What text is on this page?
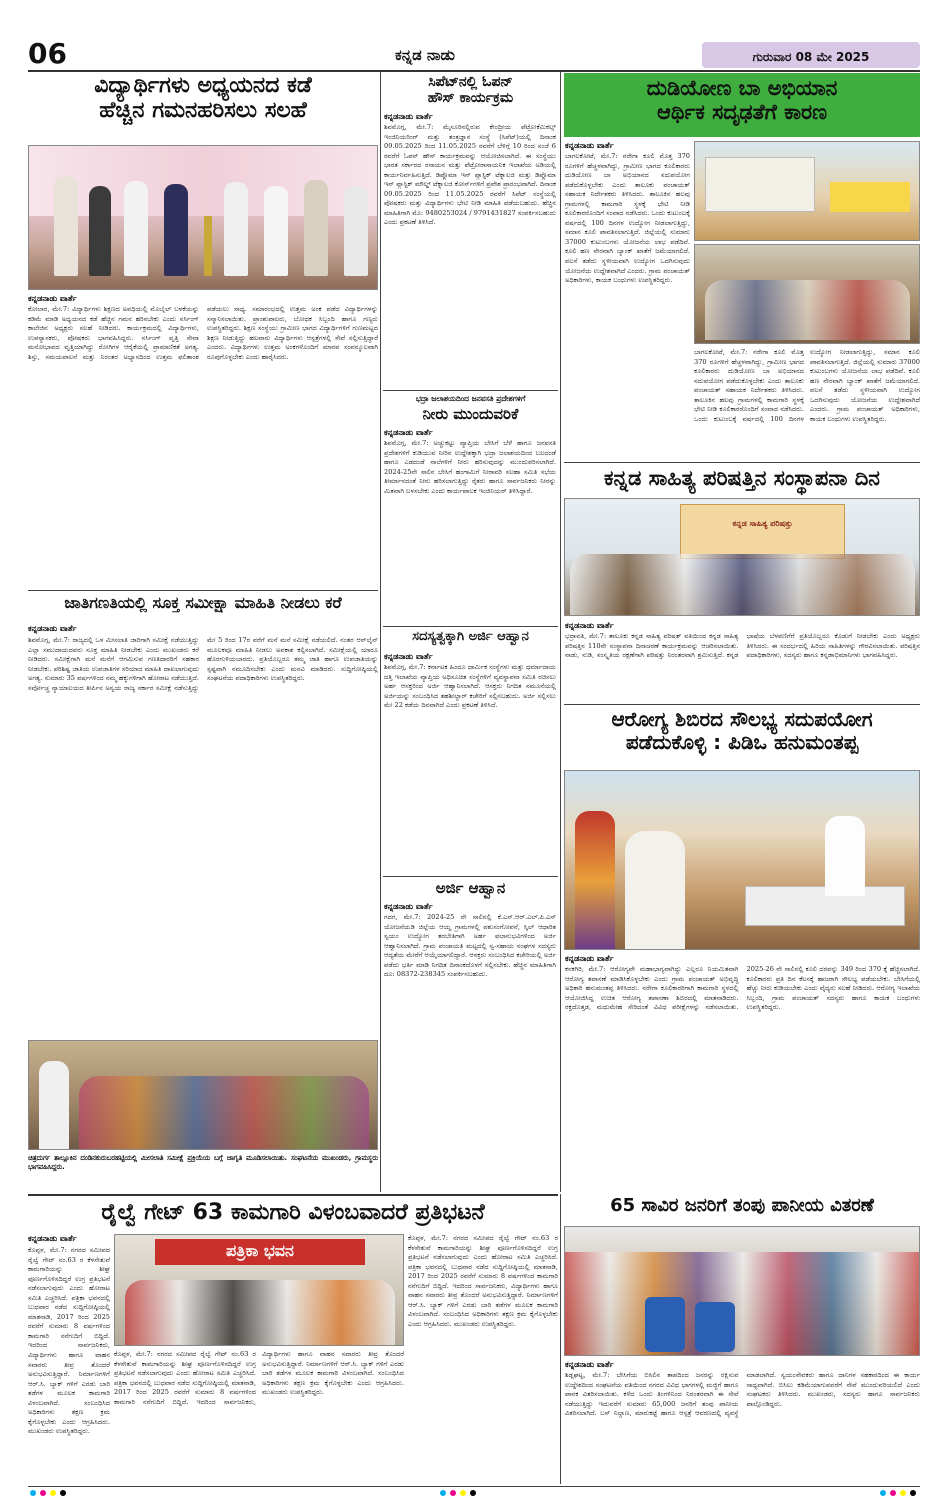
06	ಕನ್ನಡ ನಾಡು	ಗುರುವಾರ 08 ಮೇ 2025
ವಿದ್ಯಾರ್ಥಿಗಳು ಅಧ್ಯಯನದ ಕಡೆ
ಹೆಚ್ಚಿನ ಗಮನಹರಿಸಲು ಸಲಹೆ
ಕನ್ನಡನಾಡು ವಾರ್ತೆ
ಕೋಲಾರ, ಮೇ.7: ವಿದ್ಯಾರ್ಥಿಗಳು ಶಿಕ್ಷಣದ ಅವಧಿಯಲ್ಲಿ ಮೊಬೈಲ್ ಬಳಕೆಯನ್ನು ಕಡಿಮೆ ಮಾಡಿ ಅಧ್ಯಯನದ ಕಡೆ ಹೆಚ್ಚಿನ ಗಮನ ಹರಿಸಬೇಕು ಎಂದು ನರ್ಸಿಂಗ್ ಕಾಲೇಜಿನ ಅಧ್ಯಕ್ಷರು ಸಲಹೆ ನೀಡಿದರು. ಕಾರ್ಯಕ್ರಮದಲ್ಲಿ ವಿದ್ಯಾರ್ಥಿಗಳು, ಉಪನ್ಯಾಸಕರು, ಪೋಷಕರು ಭಾಗವಹಿಸಿದ್ದರು. ನರ್ಸಿಂಗ್ ವೃತ್ತಿ ಸೇವಾ ಮನೋಭಾವದ ವೃತ್ತಿಯಾಗಿದ್ದು ರೋಗಿಗಳ ಆರೈಕೆಯಲ್ಲಿ ಪ್ರಾಮಾಣಿಕತೆ ಅಗತ್ಯ. ಶಿಸ್ತು, ಸಮಯಪಾಲನೆ ಮತ್ತು ನಿರಂತರ ಅಭ್ಯಾಸದಿಂದ ಉತ್ತಮ ಫಲಿತಾಂಶ ಪಡೆಯಲು ಸಾಧ್ಯ. ಸಮಾರಂಭದಲ್ಲಿ ಉತ್ತಮ ಅಂಕ ಪಡೆದ ವಿದ್ಯಾರ್ಥಿಗಳನ್ನು ಸನ್ಮಾನಿಸಲಾಯಿತು. ಪ್ರಾಂಶುಪಾಲರು, ಬೋಧಕ ಸಿಬ್ಬಂದಿ ಹಾಗೂ ಗಣ್ಯರು ಉಪಸ್ಥಿತರಿದ್ದರು. ಶಿಕ್ಷಣ ಸಂಸ್ಥೆಯು ಗ್ರಾಮೀಣ ಭಾಗದ ವಿದ್ಯಾರ್ಥಿಗಳಿಗೆ ಗುಣಮಟ್ಟದ ಶಿಕ್ಷಣ ನೀಡುತ್ತಿದ್ದು ಹಲವಾರು ವಿದ್ಯಾರ್ಥಿಗಳು ಆಸ್ಪತ್ರೆಗಳಲ್ಲಿ ಸೇವೆ ಸಲ್ಲಿಸುತ್ತಿದ್ದಾರೆ ಎಂದರು. ವಿದ್ಯಾರ್ಥಿಗಳು ಉತ್ತಮ ಅಂಕಗಳೊಂದಿಗೆ ಮಾನವ ಸಂಪನ್ಮೂಲವಾಗಿ ರೂಪುಗೊಳ್ಳಬೇಕು ಎಂದು ಹಾರೈಸಿದರು.
ಜಾತಿಗಣತಿಯಲ್ಲಿ ಸೂಕ್ತ ಸಮೀಕ್ಷಾ ಮಾಹಿತಿ ನೀಡಲು ಕರೆ
ಕನ್ನಡನಾಡು ವಾರ್ತೆ
ಶಿವಮೊಗ್ಗ, ಮೇ.7: ರಾಜ್ಯದಲ್ಲಿ ಒಳ ಮೀಸಲಾತಿ ಜಾರಿಗಾಗಿ ಸಮೀಕ್ಷೆ ನಡೆಯುತ್ತಿದ್ದು ಎಲ್ಲಾ ಸಮುದಾಯದವರು ಸೂಕ್ತ ಮಾಹಿತಿ ನೀಡಬೇಕು ಎಂದು ಮುಖಂಡರು ಕರೆ ನೀಡಿದರು. ಸಮೀಕ್ಷೆಗಾಗಿ ಮನೆ ಮನೆಗೆ ಆಗಮಿಸುವ ಗಣತಿದಾರರಿಗೆ ಸಹಕಾರ ನೀಡಬೇಕು. ಪರಿಶಿಷ್ಟ ಜಾತಿಯ ಉಪಜಾತಿಗಳ ಸರಿಯಾದ ಮಾಹಿತಿ ದಾಖಲಾಗುವುದು ಅಗತ್ಯ. ಸುಮಾರು 35 ವರ್ಷಗಳಿಂದ ನಮ್ಮ ಹಕ್ಕುಗಳಿಗಾಗಿ ಹೋರಾಟ ನಡೆಯುತ್ತಿದೆ. ಸರ್ವೋಚ್ಚ ನ್ಯಾಯಾಲಯದ ತೀರ್ಪಿನ ಅನ್ವಯ ರಾಜ್ಯ ಸರ್ಕಾರ ಸಮೀಕ್ಷೆ ನಡೆಸುತ್ತಿದ್ದು ಮೇ 5 ರಿಂದ 17ರ ವರೆಗೆ ಮನೆ ಮನೆ ಸಮೀಕ್ಷೆ ನಡೆಯಲಿದೆ. ನಂತರ ಆನ್‌ಲೈನ್ ಮೂಲಕವೂ ಮಾಹಿತಿ ನೀಡಲು ಅವಕಾಶ ಕಲ್ಪಿಸಲಾಗಿದೆ. ಸಮೀಕ್ಷೆಯಲ್ಲಿ ಯಾರೂ ಹೊರಗುಳಿಯಬಾರದು. ಪ್ರತಿಯೊಬ್ಬರೂ ತಮ್ಮ ಜಾತಿ ಹಾಗೂ ಉಪಜಾತಿಯನ್ನು ಸ್ಪಷ್ಟವಾಗಿ ನಮೂದಿಸಬೇಕು ಎಂದು ಮನವಿ ಮಾಡಿದರು. ಸುದ್ದಿಗೋಷ್ಠಿಯಲ್ಲಿ ಸಂಘಟನೆಯ ಪದಾಧಿಕಾರಿಗಳು ಉಪಸ್ಥಿತರಿದ್ದರು.
ಚಿತ್ರದುರ್ಗ ತಾಲ್ಲೂಕಿನ ದಂಡಿನಕುರುಬರಹಟ್ಟಿಯಲ್ಲಿ ಮೀಸಲಾತಿ ಸಮೀಕ್ಷೆ ಪ್ರಕ್ರಿಯೆಯ ಬಗ್ಗೆ ಜಾಗೃತಿ ಮೂಡಿಸಲಾಯಿತು. ಸಂಘಟನೆಯ ಮುಖಂಡರು, ಗ್ರಾಮಸ್ಥರು ಭಾಗವಹಿಸಿದ್ದರು.
ಸಿಪೆಟ್‌ನಲ್ಲಿ ಓಪನ್
ಹೌಸ್ ಕಾರ್ಯಕ್ರಮ
ಕನ್ನಡನಾಡು ವಾರ್ತೆ
ಶಿವಮೊಗ್ಗ, ಮೇ.7: ಮೈಸೂರಿನಲ್ಲಿರುವ ಕೇಂದ್ರೀಯ ಪೆಟ್ರೋಕೆಮಿಕಲ್ಸ್ ಇಂಜಿನಿಯರಿಂಗ್ ಮತ್ತು ತಂತ್ರಜ್ಞಾನ ಸಂಸ್ಥೆ (ಸಿಪೆಟ್)ಯಲ್ಲಿ ದಿನಾಂಕ 09.05.2025 ರಿಂದ 11.05.2025 ರವರೆಗೆ ಬೆಳಿಗ್ಗೆ 10 ರಿಂದ ಸಂಜೆ 6 ರವರೆಗೆ ಓಪನ್ ಹೌಸ್ ಕಾರ್ಯಕ್ರಮವನ್ನು ಆಯೋಜಿಸಲಾಗಿದೆ. ಈ ಸಂಸ್ಥೆಯು ಭಾರತ ಸರ್ಕಾರದ ರಸಾಯನ ಮತ್ತು ಪೆಟ್ರೋರಾಸಾಯನಿಕ ಇಲಾಖೆಯ ಅಡಿಯಲ್ಲಿ ಕಾರ್ಯನಿರ್ವಹಿಸುತ್ತಿದೆ. ಡಿಪ್ಲೊಮಾ ಇನ್ ಪ್ಲಾಸ್ಟಿಕ್ ಟೆಕ್ನಾಲಜಿ ಮತ್ತು ಡಿಪ್ಲೊಮಾ ಇನ್ ಪ್ಲಾಸ್ಟಿಕ್ ಮೌಲ್ಡ್ ಟೆಕ್ನಾಲಜಿ ಕೋರ್ಸ್‌ಗಳಿಗೆ ಪ್ರವೇಶ ಪ್ರಾರಂಭವಾಗಿದೆ. ದಿನಾಂಕ 09.05.2025 ರಿಂದ 11.05.2025 ರವರೆಗೆ ಸಿಪೆಟ್ ಸಂಸ್ಥೆಯಲ್ಲಿ ಪೋಷಕರು ಮತ್ತು ವಿದ್ಯಾರ್ಥಿಗಳು ಭೇಟಿ ನೀಡಿ ಮಾಹಿತಿ ಪಡೆಯಬಹುದು. ಹೆಚ್ಚಿನ ಮಾಹಿತಿಗಾಗಿ ಮೊ: 9480253024 / 9791431827 ಸಂಪರ್ಕಿಸಬಹುದು ಎಂದು ಪ್ರಕಟಣೆ ತಿಳಿಸಿದೆ.
ಭದ್ರಾ ಜಲಾಶಯದಿಂದ ಜನವಸತಿ ಪ್ರದೇಶಗಳಿಗೆ
ನೀರು ಮುಂದುವರಿಕೆ
ಕನ್ನಡನಾಡು ವಾರ್ತೆ
ಶಿವಮೊಗ್ಗ, ಮೇ.7: ಅಚ್ಚುಕಟ್ಟು ವ್ಯಾಪ್ತಿಯ ಬೇಸಿಗೆ ಬೆಳೆ ಹಾಗೂ ಜನವಸತಿ ಪ್ರದೇಶಗಳಿಗೆ ಕುಡಿಯುವ ನೀರಿನ ಉದ್ದೇಶಕ್ಕಾಗಿ ಭದ್ರಾ ಜಲಾಶಯದಿಂದ ಬಲದಂಡೆ ಹಾಗೂ ಎಡದಂಡೆ ನಾಲೆಗಳಿಗೆ ನೀರು ಹರಿಸುವುದನ್ನು ಮುಂದುವರಿಸಲಾಗಿದೆ. 2024-25ನೇ ಸಾಲಿನ ಬೇಸಿಗೆ ಹಂಗಾಮಿಗೆ ನೀರಾವರಿ ಸಲಹಾ ಸಮಿತಿ ಸಭೆಯ ತೀರ್ಮಾನದಂತೆ ನೀರು ಹರಿಸಲಾಗುತ್ತಿದ್ದು ರೈತರು ಹಾಗೂ ಸಾರ್ವಜನಿಕರು ನೀರನ್ನು ಮಿತವಾಗಿ ಬಳಸಬೇಕು ಎಂದು ಕಾರ್ಯಪಾಲಕ ಇಂಜಿನಿಯರ್ ತಿಳಿಸಿದ್ದಾರೆ.
ಸದಸ್ಯತ್ವಕ್ಕಾಗಿ ಅರ್ಜಿ ಆಹ್ವಾನ
ಕನ್ನಡನಾಡು ವಾರ್ತೆ
ಶಿವಮೊಗ್ಗ, ಮೇ.7: ಕರ್ನಾಟಕ ಹಿಂದೂ ಧಾರ್ಮಿಕ ಸಂಸ್ಥೆಗಳು ಮತ್ತು ಧರ್ಮಾದಾಯ ದತ್ತಿ ಇಲಾಖೆಯ ವ್ಯಾಪ್ತಿಯ ಅಧಿಸೂಚಿತ ಸಂಸ್ಥೆಗಳಿಗೆ ವ್ಯವಸ್ಥಾಪನಾ ಸಮಿತಿ ರಚಿಸಲು ಅರ್ಹ ಆಸಕ್ತರಿಂದ ಅರ್ಜಿ ಆಹ್ವಾನಿಸಲಾಗಿದೆ. ಆಸಕ್ತರು ನಿಗದಿತ ನಮೂನೆಯಲ್ಲಿ ಅರ್ಜಿಯನ್ನು ಸಂಬಂಧಿಸಿದ ತಹಶೀಲ್ದಾರ್ ಕಚೇರಿಗೆ ಸಲ್ಲಿಸಬಹುದು. ಅರ್ಜಿ ಸಲ್ಲಿಸಲು ಮೇ 22 ಕಡೆಯ ದಿನವಾಗಿದೆ ಎಂದು ಪ್ರಕಟಣೆ ತಿಳಿಸಿದೆ.
ಅರ್ಜಿ ಆಹ್ವಾನ
ಕನ್ನಡನಾಡು ವಾರ್ತೆ
ಗದಗ, ಮೇ.7: 2024-25 ನೇ ಸಾಲಿನಲ್ಲಿ ಕೆ.ಎಸ್.ಆರ್.ಎಲ್.ಪಿ.ಎಸ್ ಯೋಜನೆಯಡಿ ಜಿಲ್ಲೆಯ ಆಯ್ದ ಗ್ರಾಮಗಳಲ್ಲಿ ಪಶುಸಂಗೋಪನೆ, ಸ್ಕಿಲ್ ಆಧಾರಿತ ಸ್ವಯಂ ಉದ್ಯೋಗ ತರಬೇತಿಗಾಗಿ ಅರ್ಹ ಫಲಾನುಭವಿಗಳಿಂದ ಅರ್ಜಿ ಆಹ್ವಾನಿಸಲಾಗಿದೆ. ಗ್ರಾಮ ಪಂಚಾಯತಿ ಮಟ್ಟದಲ್ಲಿ ಸ್ವ-ಸಹಾಯ ಸಂಘಗಳ ಸದಸ್ಯರು ಆದ್ಯತೆಯ ಮೇರೆಗೆ ಆಯ್ಕೆಯಾಗಲಿದ್ದಾರೆ. ಆಸಕ್ತರು ಸಂಬಂಧಿಸಿದ ಕಚೇರಿಯಲ್ಲಿ ಅರ್ಜಿ ಪಡೆದು ಭರ್ತಿ ಮಾಡಿ ನಿಗದಿತ ದಿನಾಂಕದೊಳಗೆ ಸಲ್ಲಿಸಬೇಕು. ಹೆಚ್ಚಿನ ಮಾಹಿತಿಗಾಗಿ ದೂ: 08372-238345 ಸಂಪರ್ಕಿಸಬಹುದು.
ದುಡಿಯೋಣ ಬಾ ಅಭಿಯಾನ
ಆರ್ಥಿಕ ಸದೃಢತೆಗೆ ಕಾರಣ
ಕನ್ನಡನಾಡು ವಾರ್ತೆ
ಬಾಗಲಕೋಟೆ, ಮೇ.7: ನರೇಗಾ ಕೂಲಿ ಮೊತ್ತ 370 ರೂಗಳಿಗೆ ಹೆಚ್ಚಳವಾಗಿದ್ದು, ಗ್ರಾಮೀಣ ಭಾಗದ ಕೂಲಿಕಾರರು ದುಡಿಯೋಣ ಬಾ ಅಭಿಯಾನದ ಸದುಪಯೋಗ ಪಡೆದುಕೊಳ್ಳಬೇಕು ಎಂದು ತಾಲೂಕು ಪಂಚಾಯತ್ ಸಹಾಯಕ ನಿರ್ದೇಶಕರು ತಿಳಿಸಿದರು. ತಾಲೂಕಿನ ಹಲವು ಗ್ರಾಮಗಳಲ್ಲಿ ಕಾಮಗಾರಿ ಸ್ಥಳಕ್ಕೆ ಭೇಟಿ ನೀಡಿ ಕೂಲಿಕಾರರೊಂದಿಗೆ ಸಂವಾದ ನಡೆಸಿದರು. ಒಂದು ಕುಟುಂಬಕ್ಕೆ ವರ್ಷದಲ್ಲಿ 100 ದಿನಗಳ ಉದ್ಯೋಗ ನೀಡಲಾಗುತ್ತಿದ್ದು, ಸಮಾನ ಕೂಲಿ ಪಾವತಿಸಲಾಗುತ್ತಿದೆ. ಜಿಲ್ಲೆಯಲ್ಲಿ ಸುಮಾರು 37000 ಕುಟುಂಬಗಳು ಯೋಜನೆಯ ಲಾಭ ಪಡೆದಿವೆ. ಕೂಲಿ ಹಣ ನೇರವಾಗಿ ಬ್ಯಾಂಕ್ ಖಾತೆಗೆ ಜಮೆಯಾಗಲಿದೆ. ವಲಸೆ ತಡೆದು ಸ್ಥಳೀಯವಾಗಿ ಉದ್ಯೋಗ ಒದಗಿಸುವುದು ಯೋಜನೆಯ ಉದ್ದೇಶವಾಗಿದೆ ಎಂದರು. ಗ್ರಾಮ ಪಂಚಾಯತ್ ಅಧಿಕಾರಿಗಳು, ಕಾಯಕ ಬಂಧುಗಳು ಉಪಸ್ಥಿತರಿದ್ದರು.
ಬಾಗಲಕೋಟೆ, ಮೇ.7: ನರೇಗಾ ಕೂಲಿ ಮೊತ್ತ 370 ರೂಗಳಿಗೆ ಹೆಚ್ಚಳವಾಗಿದ್ದು, ಗ್ರಾಮೀಣ ಭಾಗದ ಕೂಲಿಕಾರರು ದುಡಿಯೋಣ ಬಾ ಅಭಿಯಾನದ ಸದುಪಯೋಗ ಪಡೆದುಕೊಳ್ಳಬೇಕು ಎಂದು ತಾಲೂಕು ಪಂಚಾಯತ್ ಸಹಾಯಕ ನಿರ್ದೇಶಕರು ತಿಳಿಸಿದರು. ತಾಲೂಕಿನ ಹಲವು ಗ್ರಾಮಗಳಲ್ಲಿ ಕಾಮಗಾರಿ ಸ್ಥಳಕ್ಕೆ ಭೇಟಿ ನೀಡಿ ಕೂಲಿಕಾರರೊಂದಿಗೆ ಸಂವಾದ ನಡೆಸಿದರು. ಒಂದು ಕುಟುಂಬಕ್ಕೆ ವರ್ಷದಲ್ಲಿ 100 ದಿನಗಳ ಉದ್ಯೋಗ ನೀಡಲಾಗುತ್ತಿದ್ದು, ಸಮಾನ ಕೂಲಿ ಪಾವತಿಸಲಾಗುತ್ತಿದೆ. ಜಿಲ್ಲೆಯಲ್ಲಿ ಸುಮಾರು 37000 ಕುಟುಂಬಗಳು ಯೋಜನೆಯ ಲಾಭ ಪಡೆದಿವೆ. ಕೂಲಿ ಹಣ ನೇರವಾಗಿ ಬ್ಯಾಂಕ್ ಖಾತೆಗೆ ಜಮೆಯಾಗಲಿದೆ. ವಲಸೆ ತಡೆದು ಸ್ಥಳೀಯವಾಗಿ ಉದ್ಯೋಗ ಒದಗಿಸುವುದು ಯೋಜನೆಯ ಉದ್ದೇಶವಾಗಿದೆ ಎಂದರು. ಗ್ರಾಮ ಪಂಚಾಯತ್ ಅಧಿಕಾರಿಗಳು, ಕಾಯಕ ಬಂಧುಗಳು ಉಪಸ್ಥಿತರಿದ್ದರು.
ಕನ್ನಡ ಸಾಹಿತ್ಯ ಪರಿಷತ್ತಿನ ಸಂಸ್ಥಾಪನಾ ದಿನ
ಕನ್ನಡ ಸಾಹಿತ್ಯ ಪರಿಷತ್ತು
ಕನ್ನಡನಾಡು ವಾರ್ತೆ
ಭದ್ರಾವತಿ, ಮೇ.7: ತಾಲೂಕು ಕನ್ನಡ ಸಾಹಿತ್ಯ ಪರಿಷತ್ ವತಿಯಿಂದ ಕನ್ನಡ ಸಾಹಿತ್ಯ ಪರಿಷತ್ತಿನ 110ನೇ ಸಂಸ್ಥಾಪನಾ ದಿನಾಚರಣೆ ಕಾರ್ಯಕ್ರಮವನ್ನು ಆಚರಿಸಲಾಯಿತು. ನಾಡು, ನುಡಿ, ಸಂಸ್ಕೃತಿಯ ರಕ್ಷಣೆಗಾಗಿ ಪರಿಷತ್ತು ನಿರಂತರವಾಗಿ ಶ್ರಮಿಸುತ್ತಿದೆ. ಕನ್ನಡ ಭಾಷೆಯ ಬೆಳವಣಿಗೆಗೆ ಪ್ರತಿಯೊಬ್ಬರೂ ಕೊಡುಗೆ ನೀಡಬೇಕು ಎಂದು ಅಧ್ಯಕ್ಷರು ತಿಳಿಸಿದರು. ಈ ಸಂದರ್ಭದಲ್ಲಿ ಹಿರಿಯ ಸಾಹಿತಿಗಳನ್ನು ಗೌರವಿಸಲಾಯಿತು. ಪರಿಷತ್ತಿನ ಪದಾಧಿಕಾರಿಗಳು, ಸದಸ್ಯರು ಹಾಗೂ ಕನ್ನಡಾಭಿಮಾನಿಗಳು ಭಾಗವಹಿಸಿದ್ದರು.
ಆರೋಗ್ಯ ಶಿಬಿರದ ಸೌಲಭ್ಯ ಸದುಪಯೋಗ
ಪಡೆದುಕೊಳ್ಳಿ : ಪಿಡಿಒ ಹನುಮಂತಪ್ಪ
ಕನ್ನಡನಾಡು ವಾರ್ತೆ
ಕನಕಗಿರಿ, ಮೇ.7: ಆರೋಗ್ಯವೇ ಮಹಾಭಾಗ್ಯವಾಗಿದ್ದು ಎಲ್ಲರೂ ನಿಯಮಿತವಾಗಿ ಆರೋಗ್ಯ ತಪಾಸಣೆ ಮಾಡಿಸಿಕೊಳ್ಳಬೇಕು ಎಂದು ಗ್ರಾಮ ಪಂಚಾಯತ್ ಅಭಿವೃದ್ಧಿ ಅಧಿಕಾರಿ ಹನುಮಂತಪ್ಪ ತಿಳಿಸಿದರು. ನರೇಗಾ ಕೂಲಿಕಾರರಿಗಾಗಿ ಕಾಮಗಾರಿ ಸ್ಥಳದಲ್ಲಿ ಆಯೋಜಿಸಿದ್ದ ಉಚಿತ ಆರೋಗ್ಯ ತಪಾಸಣಾ ಶಿಬಿರದಲ್ಲಿ ಮಾತನಾಡಿದರು. ರಕ್ತದೊತ್ತಡ, ಮಧುಮೇಹ ಸೇರಿದಂತೆ ವಿವಿಧ ಪರೀಕ್ಷೆಗಳನ್ನು ನಡೆಸಲಾಯಿತು. 2025-26 ನೇ ಸಾಲಿನಲ್ಲಿ ಕೂಲಿ ದರವನ್ನು 349 ರಿಂದ 370 ಕ್ಕೆ ಹೆಚ್ಚಿಸಲಾಗಿದೆ. ಕೂಲಿಕಾರರು ಪ್ರತಿ ದಿನ ಕೆಲಸಕ್ಕೆ ಹಾಜರಾಗಿ ಸೌಲಭ್ಯ ಪಡೆಯಬೇಕು. ಬೇಸಿಗೆಯಲ್ಲಿ ಹೆಚ್ಚು ನೀರು ಕುಡಿಯಬೇಕು ಎಂದು ವೈದ್ಯರು ಸಲಹೆ ನೀಡಿದರು. ಆರೋಗ್ಯ ಇಲಾಖೆಯ ಸಿಬ್ಬಂದಿ, ಗ್ರಾಮ ಪಂಚಾಯತ್ ಸದಸ್ಯರು ಹಾಗೂ ಕಾಯಕ ಬಂಧುಗಳು ಉಪಸ್ಥಿತರಿದ್ದರು.
ರೈಲ್ವೆ ಗೇಟ್ 63 ಕಾಮಗಾರಿ ವಿಳಂಬವಾದರೆ ಪ್ರತಿಭಟನೆ
ಕನ್ನಡನಾಡು ವಾರ್ತೆ
ಕೊಪ್ಪಳ, ಮೇ.7: ನಗರದ ಸಮೀಪದ ರೈಲ್ವೆ ಗೇಟ್ ನಂ.63 ರ ಕೆಳಸೇತುವೆ ಕಾಮಗಾರಿಯನ್ನು ಶೀಘ್ರ ಪೂರ್ಣಗೊಳಿಸದಿದ್ದರೆ ಉಗ್ರ ಪ್ರತಿಭಟನೆ ನಡೆಸಲಾಗುವುದು ಎಂದು ಹೋರಾಟ ಸಮಿತಿ ಎಚ್ಚರಿಸಿದೆ. ಪತ್ರಿಕಾ ಭವನದಲ್ಲಿ ಬುಧವಾರ ನಡೆದ ಸುದ್ದಿಗೋಷ್ಠಿಯಲ್ಲಿ ಮಾತನಾಡಿ, 2017 ರಿಂದ 2025 ರವರೆಗೆ ಸುಮಾರು 8 ವರ್ಷಗಳಿಂದ ಕಾಮಗಾರಿ ನನೆಗುದಿಗೆ ಬಿದ್ದಿದೆ. ಇದರಿಂದ ಸಾರ್ವಜನಿಕರು, ವಿದ್ಯಾರ್ಥಿಗಳು ಹಾಗೂ ವಾಹನ ಸವಾರರು ತೀವ್ರ ತೊಂದರೆ ಅನುಭವಿಸುತ್ತಿದ್ದಾರೆ. ನಿರ್ಮಾಣಗಳಿಗೆ ಆರ್.ಸಿ. ಬ್ಯಾಕ್ ಗಳಿಗೆ ಎರಡು ಬಾರಿ ತಡೆಗಳ ಮೂಲಕ ಕಾಮಗಾರಿ ವಿಳಂಬವಾಗಿದೆ. ಸಂಬಂಧಿಸಿದ ಅಧಿಕಾರಿಗಳು ತಕ್ಷಣ ಕ್ರಮ ಕೈಗೊಳ್ಳಬೇಕು ಎಂದು ಆಗ್ರಹಿಸಿದರು. ಮುಖಂಡರು ಉಪಸ್ಥಿತರಿದ್ದರು.
ಪತ್ರಿಕಾ ಭವನ
ಕೊಪ್ಪಳ, ಮೇ.7: ನಗರದ ಸಮೀಪದ ರೈಲ್ವೆ ಗೇಟ್ ನಂ.63 ರ ಕೆಳಸೇತುವೆ ಕಾಮಗಾರಿಯನ್ನು ಶೀಘ್ರ ಪೂರ್ಣಗೊಳಿಸದಿದ್ದರೆ ಉಗ್ರ ಪ್ರತಿಭಟನೆ ನಡೆಸಲಾಗುವುದು ಎಂದು ಹೋರಾಟ ಸಮಿತಿ ಎಚ್ಚರಿಸಿದೆ. ಪತ್ರಿಕಾ ಭವನದಲ್ಲಿ ಬುಧವಾರ ನಡೆದ ಸುದ್ದಿಗೋಷ್ಠಿಯಲ್ಲಿ ಮಾತನಾಡಿ, 2017 ರಿಂದ 2025 ರವರೆಗೆ ಸುಮಾರು 8 ವರ್ಷಗಳಿಂದ ಕಾಮಗಾರಿ ನನೆಗುದಿಗೆ ಬಿದ್ದಿದೆ. ಇದರಿಂದ ಸಾರ್ವಜನಿಕರು, ವಿದ್ಯಾರ್ಥಿಗಳು ಹಾಗೂ ವಾಹನ ಸವಾರರು ತೀವ್ರ ತೊಂದರೆ ಅನುಭವಿಸುತ್ತಿದ್ದಾರೆ. ನಿರ್ಮಾಣಗಳಿಗೆ ಆರ್.ಸಿ. ಬ್ಯಾಕ್ ಗಳಿಗೆ ಎರಡು ಬಾರಿ ತಡೆಗಳ ಮೂಲಕ ಕಾಮಗಾರಿ ವಿಳಂಬವಾಗಿದೆ. ಸಂಬಂಧಿಸಿದ ಅಧಿಕಾರಿಗಳು ತಕ್ಷಣ ಕ್ರಮ ಕೈಗೊಳ್ಳಬೇಕು ಎಂದು ಆಗ್ರಹಿಸಿದರು. ಮುಖಂಡರು ಉಪಸ್ಥಿತರಿದ್ದರು.
ಕೊಪ್ಪಳ, ಮೇ.7: ನಗರದ ಸಮೀಪದ ರೈಲ್ವೆ ಗೇಟ್ ನಂ.63 ರ ಕೆಳಸೇತುವೆ ಕಾಮಗಾರಿಯನ್ನು ಶೀಘ್ರ ಪೂರ್ಣಗೊಳಿಸದಿದ್ದರೆ ಉಗ್ರ ಪ್ರತಿಭಟನೆ ನಡೆಸಲಾಗುವುದು ಎಂದು ಹೋರಾಟ ಸಮಿತಿ ಎಚ್ಚರಿಸಿದೆ. ಪತ್ರಿಕಾ ಭವನದಲ್ಲಿ ಬುಧವಾರ ನಡೆದ ಸುದ್ದಿಗೋಷ್ಠಿಯಲ್ಲಿ ಮಾತನಾಡಿ, 2017 ರಿಂದ 2025 ರವರೆಗೆ ಸುಮಾರು 8 ವರ್ಷಗಳಿಂದ ಕಾಮಗಾರಿ ನನೆಗುದಿಗೆ ಬಿದ್ದಿದೆ. ಇದರಿಂದ ಸಾರ್ವಜನಿಕರು, ವಿದ್ಯಾರ್ಥಿಗಳು ಹಾಗೂ ವಾಹನ ಸವಾರರು ತೀವ್ರ ತೊಂದರೆ ಅನುಭವಿಸುತ್ತಿದ್ದಾರೆ. ನಿರ್ಮಾಣಗಳಿಗೆ ಆರ್.ಸಿ. ಬ್ಯಾಕ್ ಗಳಿಗೆ ಎರಡು ಬಾರಿ ತಡೆಗಳ ಮೂಲಕ ಕಾಮಗಾರಿ ವಿಳಂಬವಾಗಿದೆ. ಸಂಬಂಧಿಸಿದ ಅಧಿಕಾರಿಗಳು ತಕ್ಷಣ ಕ್ರಮ ಕೈಗೊಳ್ಳಬೇಕು ಎಂದು ಆಗ್ರಹಿಸಿದರು. ಮುಖಂಡರು ಉಪಸ್ಥಿತರಿದ್ದರು.
65 ಸಾವಿರ ಜನರಿಗೆ ತಂಪು ಪಾನೀಯ ವಿತರಣೆ
ಕನ್ನಡನಾಡು ವಾರ್ತೆ
ಶಿಡ್ಲಘಟ್ಟ, ಮೇ.7: ಬೇಸಿಗೆಯ ಬಿಸಿಲಿನ ತಾಪದಿಂದ ಜನರನ್ನು ರಕ್ಷಿಸುವ ಉದ್ದೇಶದಿಂದ ಸಂಘಟನೆಯ ವತಿಯಿಂದ ನಗರದ ವಿವಿಧ ಭಾಗಗಳಲ್ಲಿ ಮಜ್ಜಿಗೆ ಹಾಗೂ ಪಾನಕ ವಿತರಿಸಲಾಯಿತು. ಕಳೆದ ಒಂದು ತಿಂಗಳಿನಿಂದ ನಿರಂತರವಾಗಿ ಈ ಸೇವೆ ನಡೆಯುತ್ತಿದ್ದು ಇದುವರೆಗೆ ಸುಮಾರು 65,000 ಜನರಿಗೆ ತಂಪು ಪಾನೀಯ ವಿತರಿಸಲಾಗಿದೆ. ಬಸ್ ನಿಲ್ದಾಣ, ಮಾರುಕಟ್ಟೆ ಹಾಗೂ ಆಸ್ಪತ್ರೆ ಆವರಣದಲ್ಲಿ ವ್ಯವಸ್ಥೆ ಮಾಡಲಾಗಿದೆ. ಸ್ವಯಂಸೇವಕರು ಹಾಗೂ ದಾನಿಗಳ ಸಹಕಾರದಿಂದ ಈ ಕಾರ್ಯ ಸಾಧ್ಯವಾಗಿದೆ. ಬಿಸಿಲು ಕಡಿಮೆಯಾಗುವವರೆಗೆ ಸೇವೆ ಮುಂದುವರಿಯಲಿದೆ ಎಂದು ಸಂಘಟಕರು ತಿಳಿಸಿದರು. ಮುಖಂಡರು, ಸದಸ್ಯರು ಹಾಗೂ ಸಾರ್ವಜನಿಕರು ಪಾಲ್ಗೊಂಡಿದ್ದರು.
